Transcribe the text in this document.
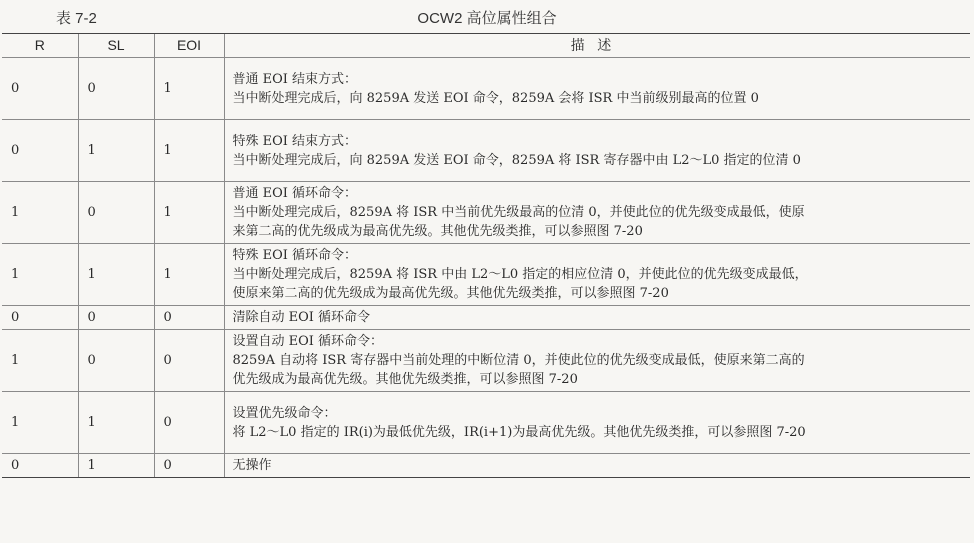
表 7-2	OCW2 高位属性组合
R	SL	EOI	描述
0	0	1	普通 EOI 结束方式：
当中断处理完成后，向 8259A 发送 EOI 命令，8259A 会将 ISR 中当前级别最高的位置 0

0	1	1	特殊 EOI 结束方式：
当中断处理完成后，向 8259A 发送 EOI 命令，8259A 将 ISR 寄存器中由 L2～L0 指定的位清 0

1	0	1	普通 EOI 循环命令：
当中断处理完成后，8259A 将 ISR 中当前优先级最高的位清 0，并使此位的优先级变成最低，使原
来第二高的优先级成为最高优先级。其他优先级类推，可以参照图 7-20

1	1	1	特殊 EOI 循环命令：
当中断处理完成后，8259A 将 ISR 中由 L2～L0 指定的相应位清 0，并使此位的优先级变成最低，
使原来第二高的优先级成为最高优先级。其他优先级类推，可以参照图 7-20

0	0	0	清除自动 EOI 循环命令

1	0	0	设置自动 EOI 循环命令：
8259A 自动将 ISR 寄存器中当前处理的中断位清 0，并使此位的优先级变成最低，使原来第二高的
优先级成为最高优先级。其他优先级类推，可以参照图 7-20

1	1	0	设置优先级命令：
将 L2～L0 指定的 IR(i)为最低优先级，IR(i+1)为最高优先级。其他优先级类推，可以参照图 7-20

0	1	0	无操作
